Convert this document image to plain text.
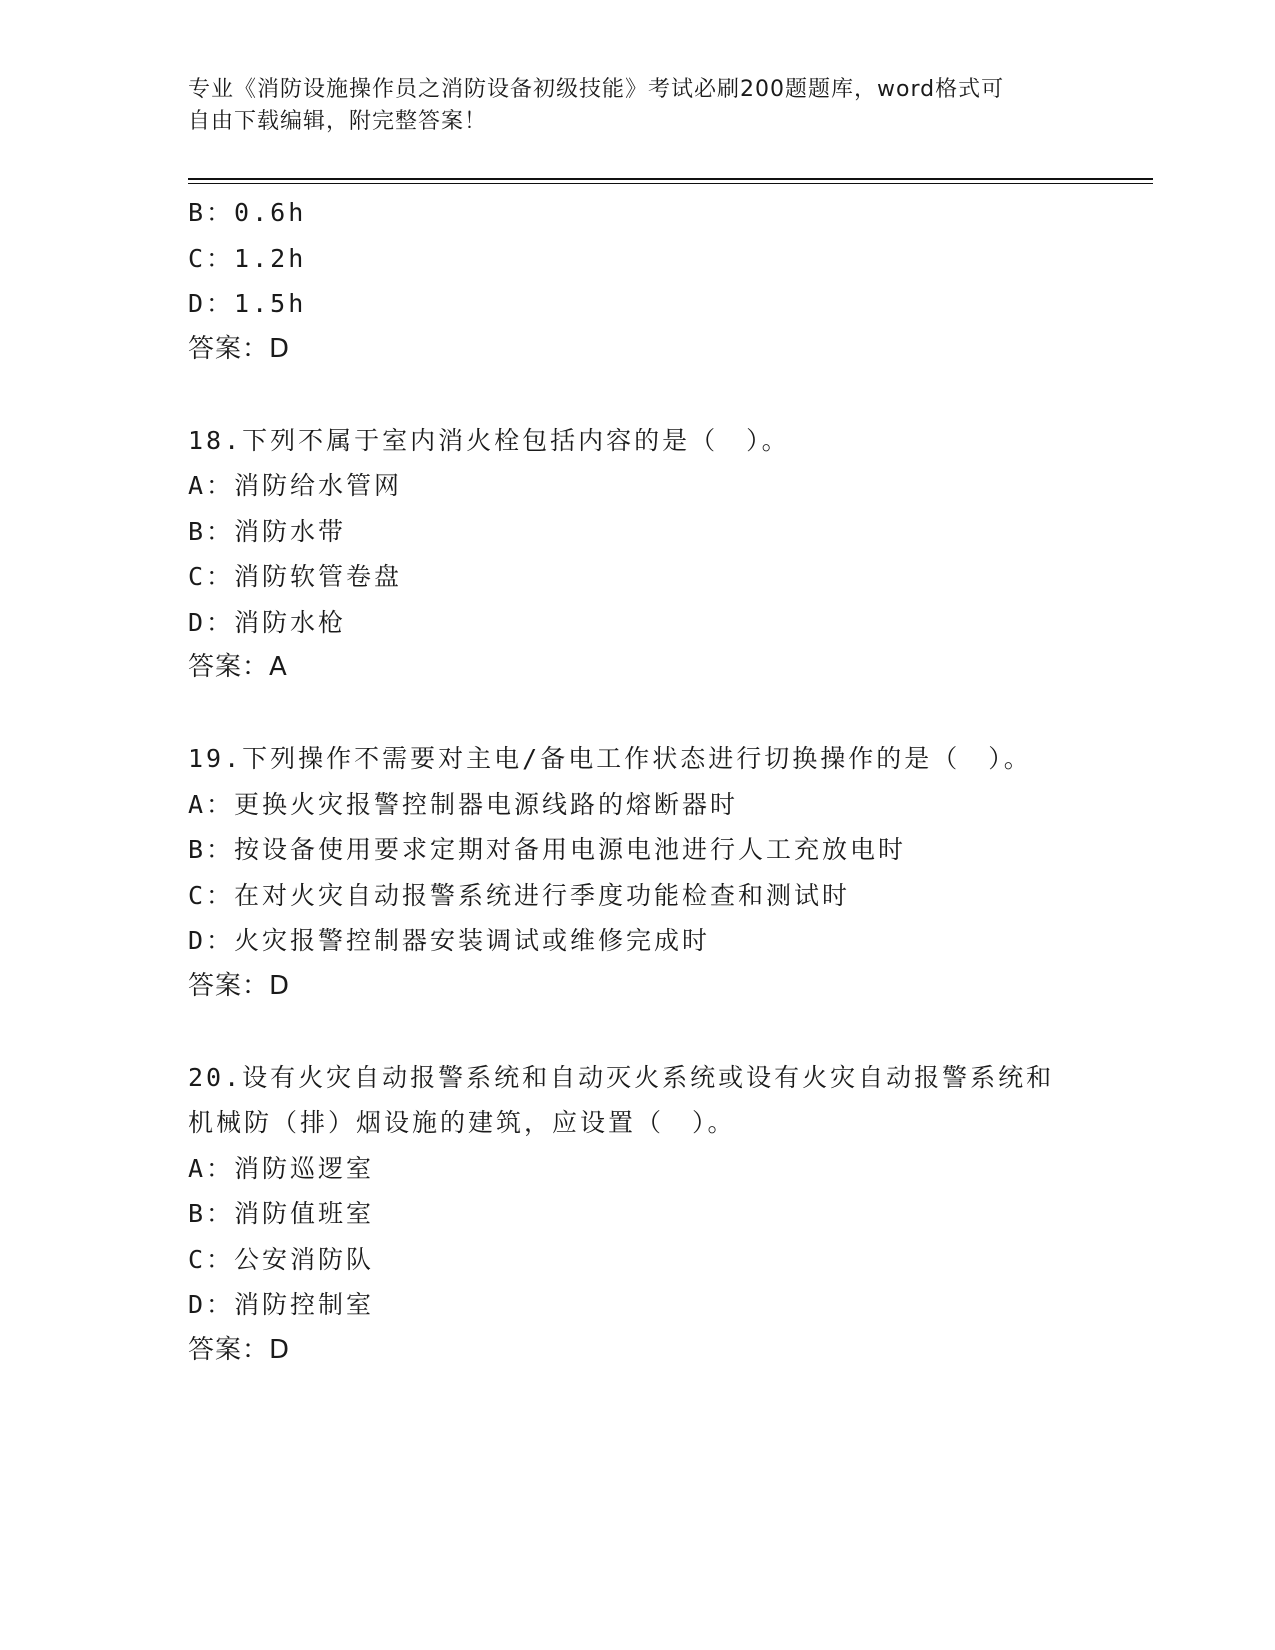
专业《消防设施操作员之消防设备初级技能》考试必刷200题题库，word格式可
自由下载编辑，附完整答案！
B：0.6h
C：1.2h
D：1.5h
答案：D
18.下列不属于室内消火栓包括内容的是（　）。
A：消防给水管网
B：消防水带
C：消防软管卷盘
D：消防水枪
答案：A
19.下列操作不需要对主电/备电工作状态进行切换操作的是（　）。
A：更换火灾报警控制器电源线路的熔断器时
B：按设备使用要求定期对备用电源电池进行人工充放电时
C：在对火灾自动报警系统进行季度功能检查和测试时
D：火灾报警控制器安装调试或维修完成时
答案：D
20.设有火灾自动报警系统和自动灭火系统或设有火灾自动报警系统和
机械防（排）烟设施的建筑，应设置（　）。
A：消防巡逻室
B：消防值班室
C：公安消防队
D：消防控制室
答案：D
